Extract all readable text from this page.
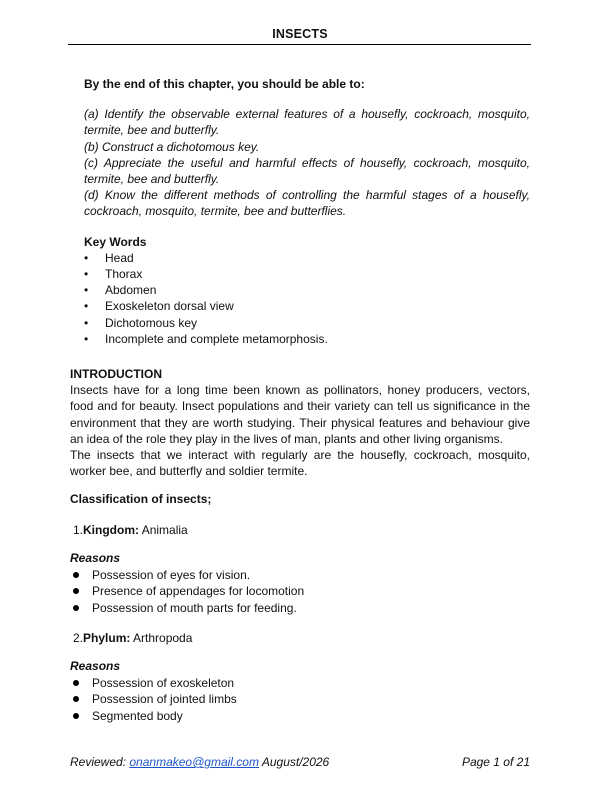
INSECTS

By the end of this chapter, you should be able to:

(a) Identify the observable external features of a housefly, cockroach, mosquito, termite, bee and butterfly.

(b) Construct a dichotomous key.

(c) Appreciate the useful and harmful effects of housefly, cockroach, mosquito, termite, bee and butterfly.

(d) Know the different methods of controlling the harmful stages of a housefly, cockroach, mosquito, termite, bee and butterflies.

Key Words

• Head
• Thorax
• Abdomen
• Exoskeleton dorsal view
• Dichotomous key
• Incomplete and complete metamorphosis.

INTRODUCTION

Insects have for a long time been known as pollinators, honey producers, vectors, food and for beauty. Insect populations and their variety can tell us significance in the environment that they are worth studying. Their physical features and behaviour give an idea of the role they play in the lives of man, plants and other living organisms.

The insects that we interact with regularly are the housefly, cockroach, mosquito, worker bee, and butterfly and soldier termite.

Classification of insects;
1.Kingdom: Animalia

Reasons

Possession of eyes for vision.
Presence of appendages for locomotion
Possession of mouth parts for feeding.
2.Phylum: Arthropoda

Reasons

Possession of exoskeleton
Possession of jointed limbs
Segmented body
Reviewed: onanmakeo@gmail.com August/2026	Page 1 of 21
